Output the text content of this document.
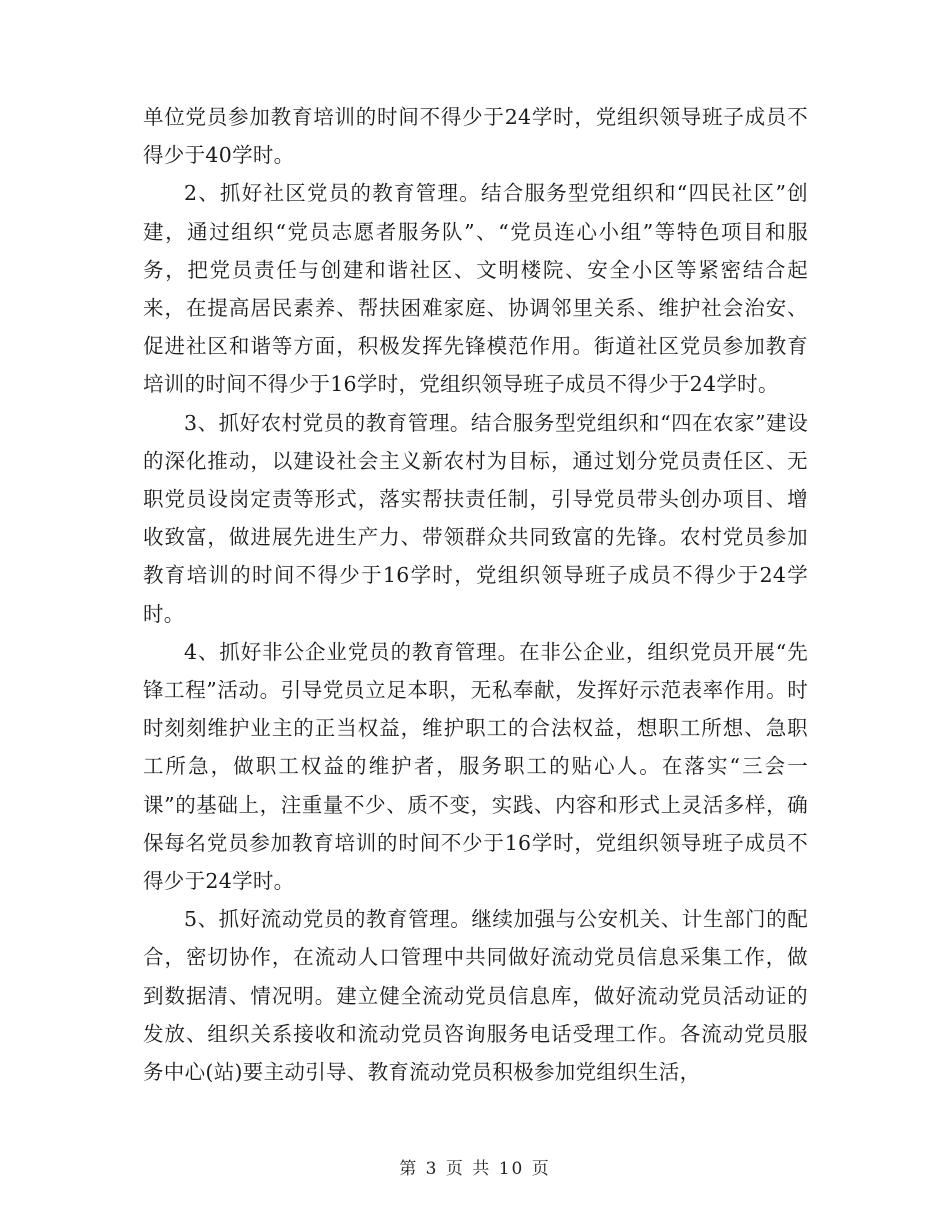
单位党员参加教育培训的时间不得少于24学时，党组织领导班子成员不得少于40学时。

2、抓好社区党员的教育管理。结合服务型党组织和“四民社区”创建，通过组织“党员志愿者服务队”、“党员连心小组”等特色项目和服务，把党员责任与创建和谐社区、文明楼院、安全小区等紧密结合起来，在提高居民素养、帮扶困难家庭、协调邻里关系、维护社会治安、促进社区和谐等方面，积极发挥先锋模范作用。街道社区党员参加教育培训的时间不得少于16学时，党组织领导班子成员不得少于24学时。

3、抓好农村党员的教育管理。结合服务型党组织和“四在农家”建设的深化推动，以建设社会主义新农村为目标，通过划分党员责任区、无职党员设岗定责等形式，落实帮扶责任制，引导党员带头创办项目、增收致富，做进展先进生产力、带领群众共同致富的先锋。农村党员参加教育培训的时间不得少于16学时，党组织领导班子成员不得少于24学时。

4、抓好非公企业党员的教育管理。在非公企业，组织党员开展“先锋工程”活动。引导党员立足本职，无私奉献，发挥好示范表率作用。时时刻刻维护业主的正当权益，维护职工的合法权益，想职工所想、急职工所急，做职工权益的维护者，服务职工的贴心人。在落实“三会一课”的基础上，注重量不少、质不变，实践、内容和形式上灵活多样，确保每名党员参加教育培训的时间不少于16学时，党组织领导班子成员不得少于24学时。

5、抓好流动党员的教育管理。继续加强与公安机关、计生部门的配合，密切协作，在流动人口管理中共同做好流动党员信息采集工作，做到数据清、情况明。建立健全流动党员信息库，做好流动党员活动证的发放、组织关系接收和流动党员咨询服务电话受理工作。各流动党员服务中心(站)要主动引导、教育流动党员积极参加党组织生活，

第 3 页 共 10 页
